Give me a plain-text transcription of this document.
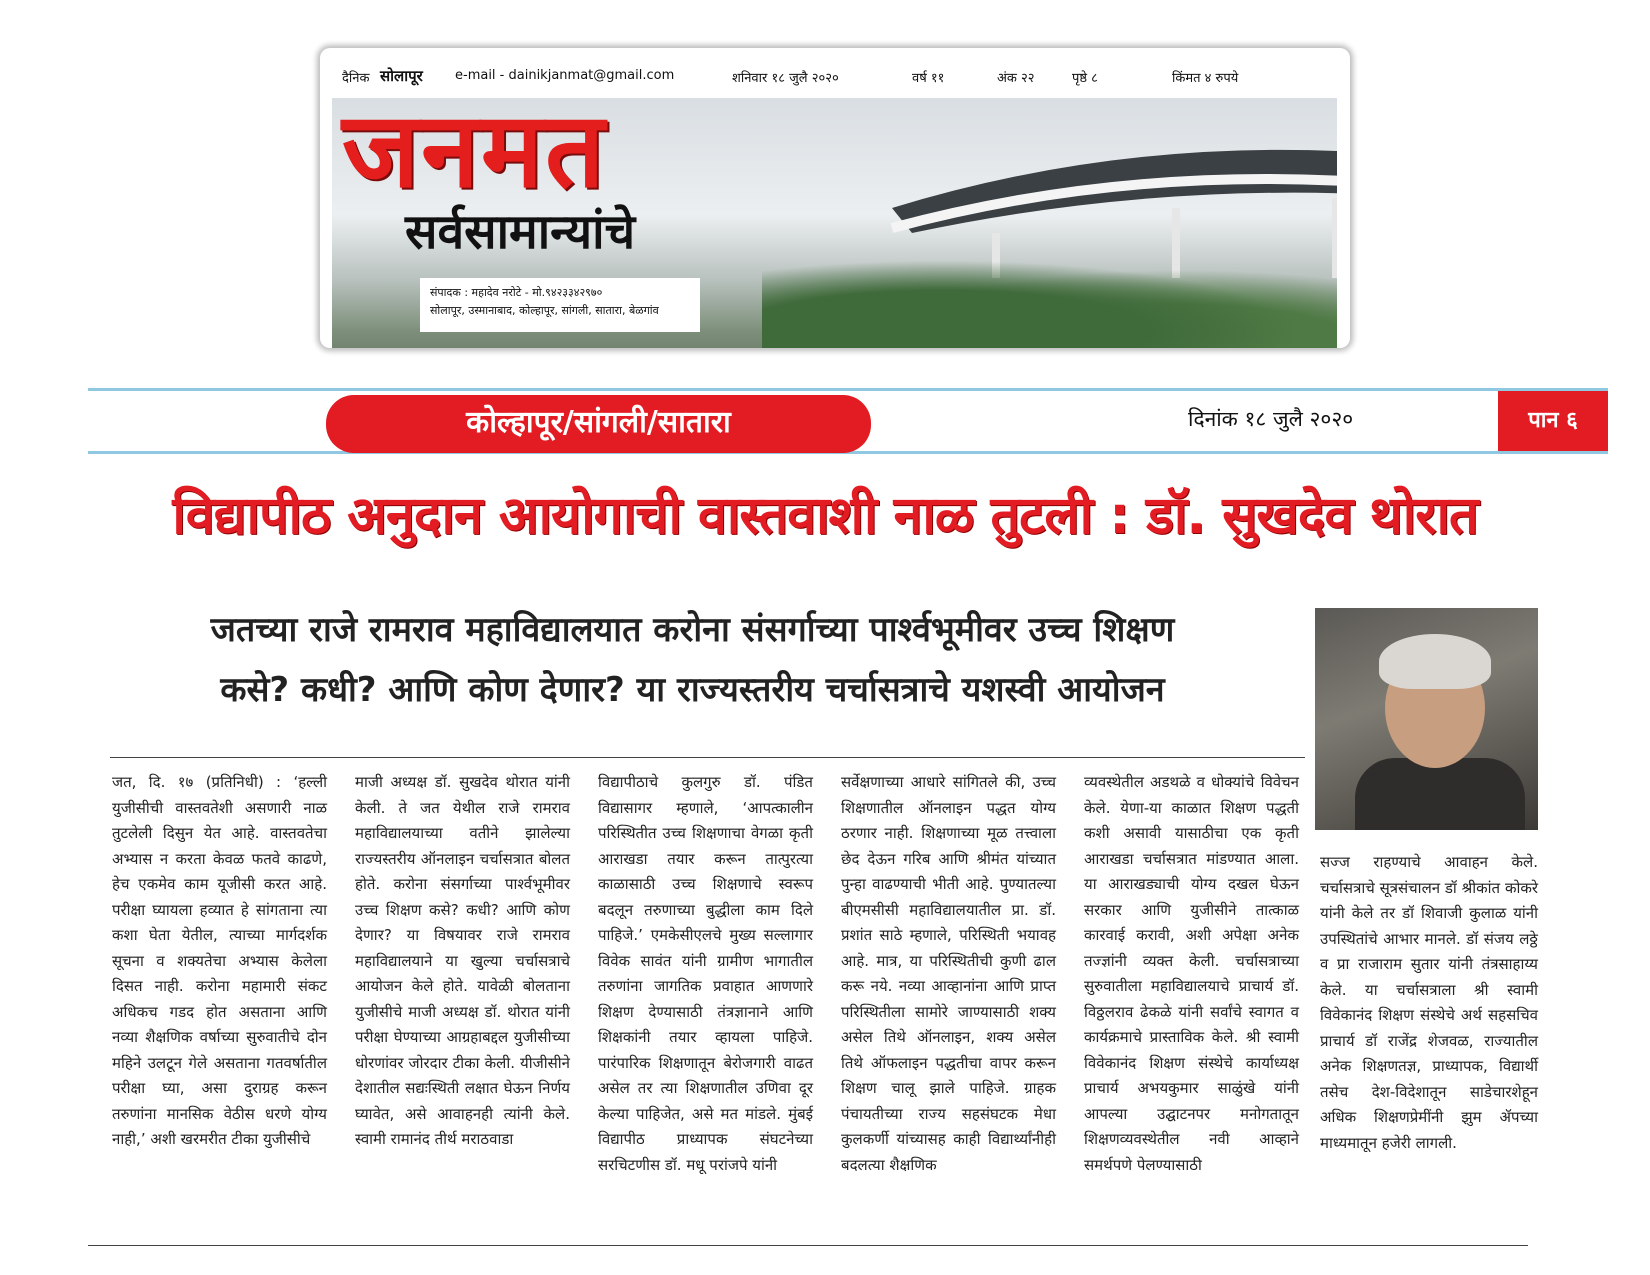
दैनिक सोलापूर e-mail - dainikjanmat@gmail.com	शनिवार १८ जुलै २०२०	वर्ष ११	अंक २२	पृष्ठे ८	किंमत ४ रुपये
जनमत
सर्वसामान्यांचे
संपादक : महादेव नरोटे - मो.९४२३३४२९७०
सोलापूर, उस्मानाबाद, कोल्हापूर, सांगली, सातारा, बेळगांव
कोल्हापूर/सांगली/सातारा	दिनांक १८ जुलै २०२०	पान ६
विद्यापीठ अनुदान आयोगाची वास्तवाशी नाळ तुटली : डॉ. सुखदेव थोरात
जतच्या राजे रामराव महाविद्यालयात करोना संसर्गाच्या पार्श्वभूमीवर उच्च शिक्षण
कसे? कधी? आणि कोण देणार? या राज्यस्तरीय चर्चासत्राचे यशस्वी आयोजन
जत, दि. १७ (प्रतिनिधी) : ‘हल्ली युजीसीची वास्तवतेशी असणारी नाळ तुटलेली दिसुन येत आहे. वास्तवतेचा अभ्यास न करता केवळ फतवे काढणे, हेच एकमेव काम यूजीसी करत आहे. परीक्षा घ्यायला हव्यात हे सांगताना त्या कशा घेता येतील, त्याच्या मार्गदर्शक सूचना व शक्यतेचा अभ्यास केलेला दिसत नाही. करोना महामारी संकट अधिकच गडद होत असताना आणि नव्या शैक्षणिक वर्षाच्या सुरुवातीचे दोन महिने उलटून गेले असताना गतवर्षातील परीक्षा घ्या, असा दुराग्रह करून तरुणांना मानसिक वेठीस धरणे योग्य नाही,’ अशी खरमरीत टीका युजीसीचे
माजी अध्यक्ष डॉ. सुखदेव थोरात यांनी केली. ते जत येथील राजे रामराव महाविद्यालयाच्या वतीने झालेल्या राज्यस्तरीय ऑनलाइन चर्चासत्रात बोलत होते. करोना संसर्गाच्या पार्श्वभूमीवर उच्च शिक्षण कसे? कधी? आणि कोण देणार? या विषयावर राजे रामराव महाविद्यालयाने या खुल्या चर्चासत्राचे आयोजन केले होते. यावेळी बोलताना युजीसीचे माजी अध्यक्ष डॉ. थोरात यांनी परीक्षा घेण्याच्या आग्रहाबद्दल युजीसीच्या धोरणांवर जोरदार टीका केली. यीजीसीने देशातील सद्यःस्थिती लक्षात घेऊन निर्णय घ्यावेत, असे आवाहनही त्यांनी केले. स्वामी रामानंद तीर्थ मराठवाडा
विद्यापीठाचे कुलगुरु डॉ. पंडित विद्यासागर म्हणाले, ‘आपत्कालीन परिस्थितीत उच्च शिक्षणाचा वेगळा कृती आराखडा तयार करून तात्पुरत्या काळासाठी उच्च शिक्षणाचे स्वरूप बदलून तरुणाच्या बुद्धीला काम दिले पाहिजे.’ एमकेसीएलचे मुख्य सल्लागार विवेक सावंत यांनी ग्रामीण भागातील तरुणांना जागतिक प्रवाहात आणणारे शिक्षण देण्यासाठी तंत्रज्ञानाने आणि शिक्षकांनी तयार व्हायला पाहिजे. पारंपारिक शिक्षणातून बेरोजगारी वाढत असेल तर त्या शिक्षणातील उणिवा दूर केल्या पाहिजेत, असे मत मांडले. मुंबई विद्यापीठ प्राध्यापक संघटनेच्या सरचिटणीस डॉ. मधू परांजपे यांनी
सर्वेक्षणाच्या आधारे सांगितले की, उच्च शिक्षणातील ऑनलाइन पद्धत योग्य ठरणार नाही. शिक्षणाच्या मूळ तत्त्वाला छेद देऊन गरिब आणि श्रीमंत यांच्यात पुन्हा वाढण्याची भीती आहे. पुण्यातल्या बीएमसीसी महाविद्यालयातील प्रा. डॉ. प्रशांत साठे म्हणाले, परिस्थिती भयावह आहे. मात्र, या परिस्थितीची कुणी ढाल करू नये. नव्या आव्हानांना आणि प्राप्त परिस्थितीला सामोरे जाण्यासाठी शक्य असेल तिथे ऑनलाइन, शक्य असेल तिथे ऑफलाइन पद्धतीचा वापर करून शिक्षण चालू झाले पाहिजे. ग्राहक पंचायतीच्या राज्य सहसंघटक मेधा कुलकर्णी यांच्यासह काही विद्यार्थ्यांनीही बदलत्या शैक्षणिक
व्यवस्थेतील अडथळे व धोक्यांचे विवेचन केले. येणा-या काळात शिक्षण पद्धती कशी असावी यासाठीचा एक कृती आराखडा चर्चासत्रात मांडण्यात आला. या आराखड्याची योग्य दखल घेऊन सरकार आणि युजीसीने तात्काळ कारवाई करावी, अशी अपेक्षा अनेक तज्ज्ञांनी व्यक्त केली. चर्चासत्राच्या सुरुवातीला महाविद्यालयाचे प्राचार्य डॉ. विठ्ठलराव ढेकळे यांनी सर्वांचे स्वागत व कार्यक्रमाचे प्रास्ताविक केले. श्री स्वामी विवेकानंद शिक्षण संस्थेचे कार्याध्यक्ष प्राचार्य अभयकुमार साळुंखे यांनी आपल्या उद्घाटनपर मनोगतातून शिक्षणव्यवस्थेतील नवी आव्हाने समर्थपणे पेलण्यासाठी
सज्ज राहण्याचे आवाहन केले. चर्चासत्राचे सूत्रसंचालन डॉ श्रीकांत कोकरे यांनी केले तर डॉ शिवाजी कुलाळ यांनी उपस्थितांचे आभार मानले. डॉ संजय लठ्ठे व प्रा राजाराम सुतार यांनी तंत्रसाहाय्य केले. या चर्चासत्राला श्री स्वामी विवेकानंद शिक्षण संस्थेचे अर्थ सहसचिव प्राचार्य डॉ राजेंद्र शेजवळ, राज्यातील अनेक शिक्षणतज्ञ, प्राध्यापक, विद्यार्थी तसेच देश-विदेशातून साडेचारशेहून अधिक शिक्षणप्रेमींनी झुम ॲपच्या माध्यमातून हजेरी लागली.
